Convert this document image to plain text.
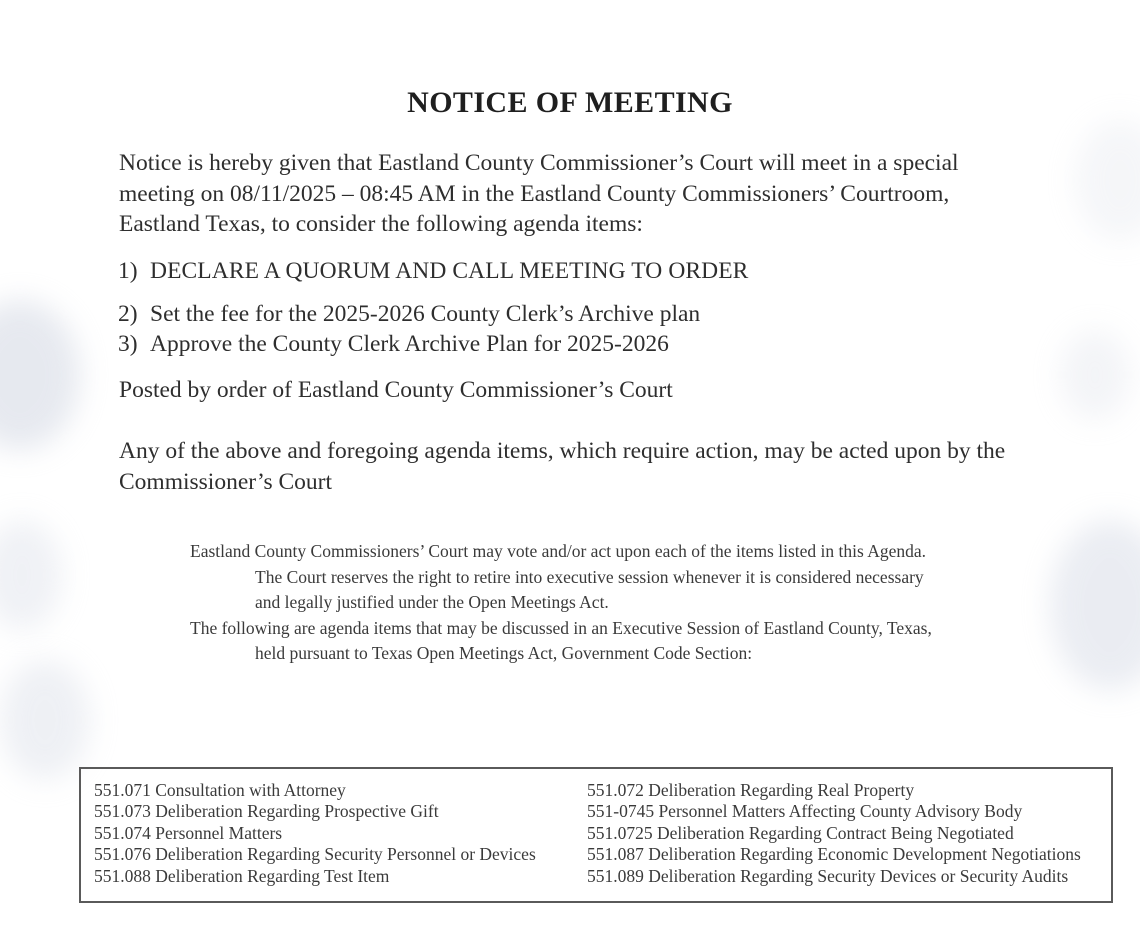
NOTICE OF MEETING
Notice is hereby given that Eastland County Commissioner’s Court will meet in a special meeting on 08/11/2025 – 08:45 AM in the Eastland County Commissioners’ Courtroom, Eastland Texas, to consider the following agenda items:
1) DECLARE A QUORUM AND CALL MEETING TO ORDER
2) Set the fee for the 2025-2026 County Clerk’s Archive plan
3) Approve the County Clerk Archive Plan for 2025-2026
Posted by order of Eastland County Commissioner’s Court
Any of the above and foregoing agenda items, which require action, may be acted upon by the Commissioner’s Court
Eastland County Commissioners’ Court may vote and/or act upon each of the items listed in this Agenda.
The Court reserves the right to retire into executive session whenever it is considered necessary
and legally justified under the Open Meetings Act.
The following are agenda items that may be discussed in an Executive Session of Eastland County, Texas,
held pursuant to Texas Open Meetings Act, Government Code Section:
551.071 Consultation with Attorney
551.073 Deliberation Regarding Prospective Gift
551.074 Personnel Matters
551.076 Deliberation Regarding Security Personnel or Devices
551.088 Deliberation Regarding Test Item
551.072 Deliberation Regarding Real Property
551-0745 Personnel Matters Affecting County Advisory Body
551.0725 Deliberation Regarding Contract Being Negotiated
551.087 Deliberation Regarding Economic Development Negotiations
551.089 Deliberation Regarding Security Devices or Security Audits
